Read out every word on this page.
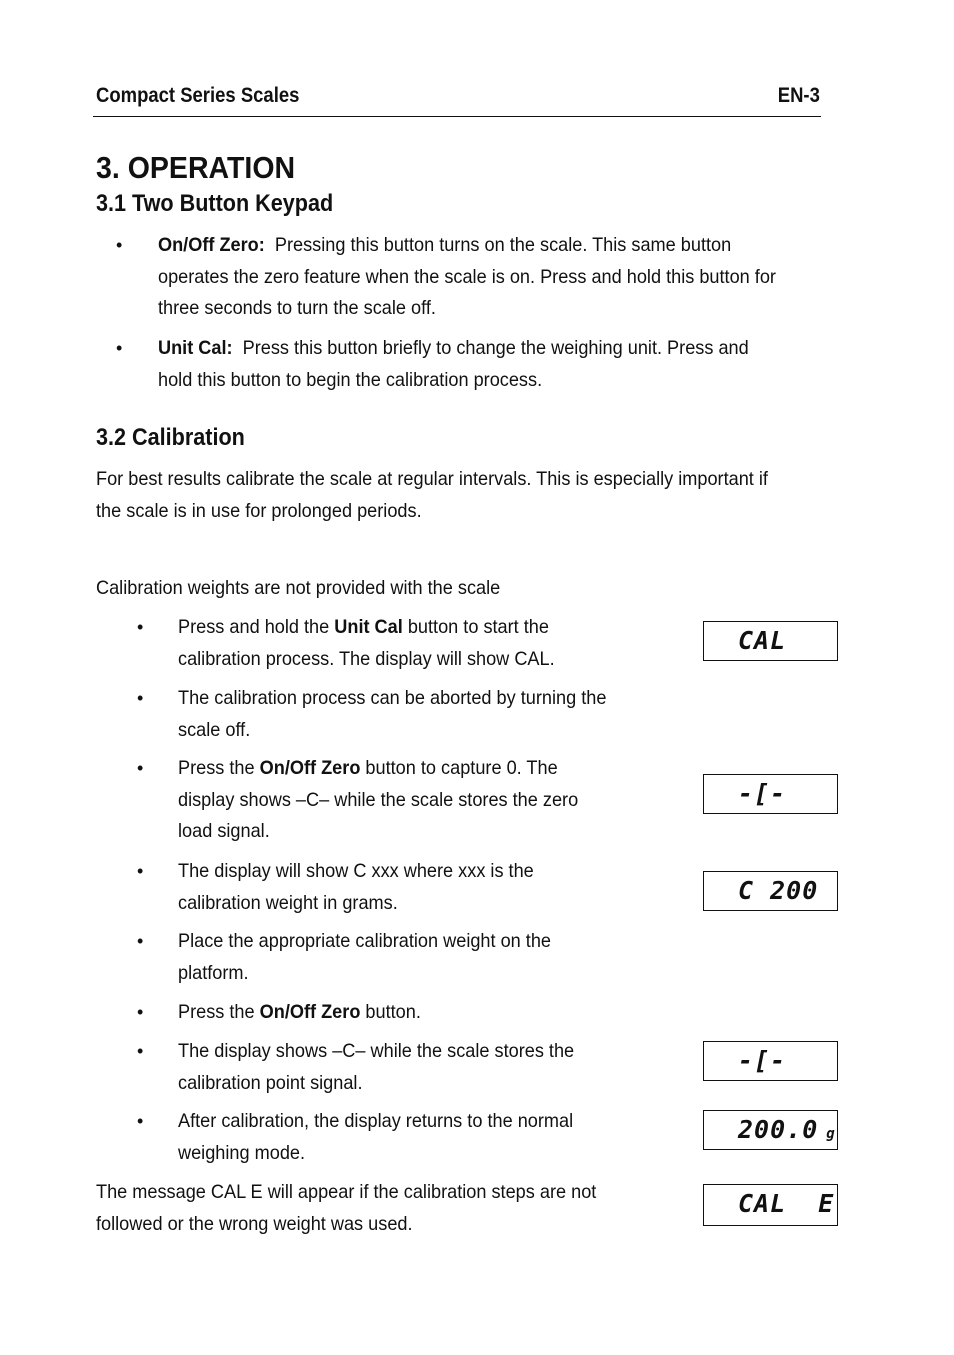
Compact Series Scales	EN-3
3. OPERATION
3.1 Two Button Keypad
• On/Off Zero: Pressing this button turns on the scale. This same button
operates the zero feature when the scale is on. Press and hold this button for
three seconds to turn the scale off.
• Unit Cal: Press this button briefly to change the weighing unit. Press and
hold this button to begin the calibration process.
3.2 Calibration
For best results calibrate the scale at regular intervals. This is especially important if
the scale is in use for prolonged periods.
Calibration weights are not provided with the scale
• Press and hold the Unit Cal button to start the
calibration process. The display will show CAL.
• The calibration process can be aborted by turning the
scale off.
• Press the On/Off Zero button to capture 0. The
display shows –C– while the scale stores the zero
load signal.
• The display will show C xxx where xxx is the
calibration weight in grams.
• Place the appropriate calibration weight on the
platform.
• Press the On/Off Zero button.
• The display shows –C– while the scale stores the
calibration point signal.
• After calibration, the display returns to the normal
weighing mode.
The message CAL E will appear if the calibration steps are not
followed or the wrong weight was used.
CAL
-[-
C 200
-[-
200.0 g
CAL  E
